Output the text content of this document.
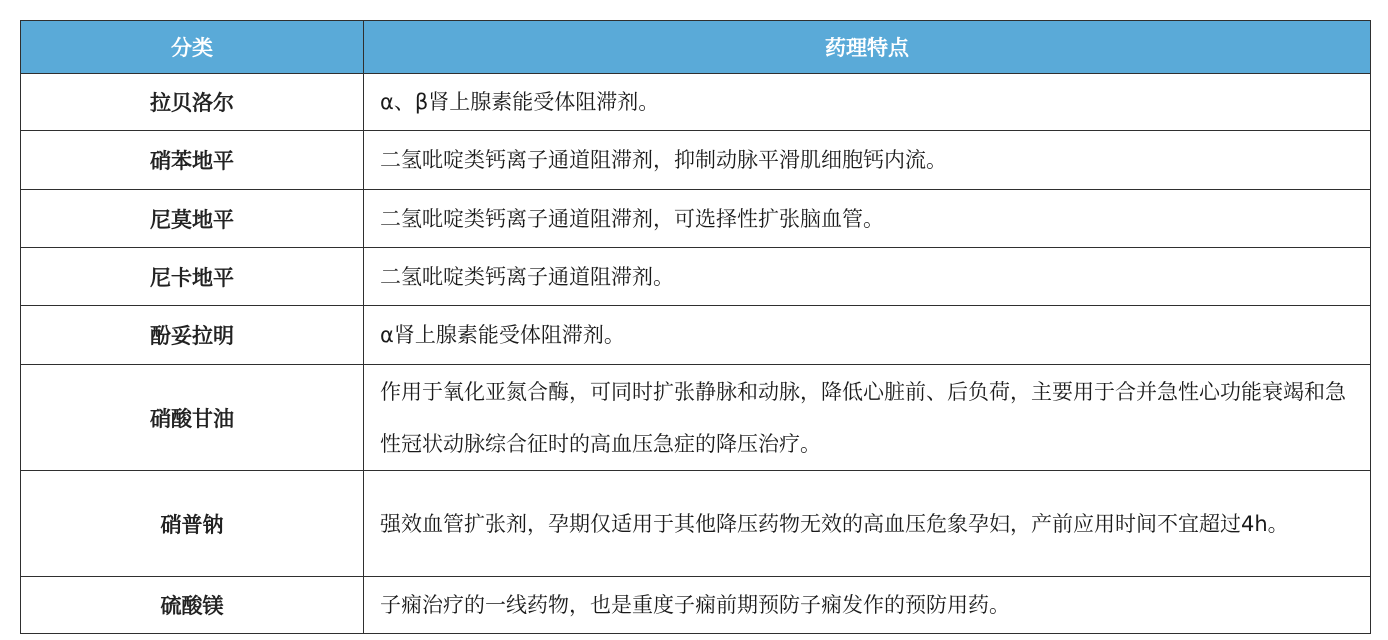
分类	药理特点
拉贝洛尔	α、β肾上腺素能受体阻滞剂。
硝苯地平	二氢吡啶类钙离子通道阻滞剂，抑制动脉平滑肌细胞钙内流。
尼莫地平	二氢吡啶类钙离子通道阻滞剂，可选择性扩张脑血管。
尼卡地平	二氢吡啶类钙离子通道阻滞剂。
酚妥拉明	α肾上腺素能受体阻滞剂。
硝酸甘油	作用于氧化亚氮合酶，可同时扩张静脉和动脉，降低心脏前、后负荷，主要用于合并急性心功能衰竭和急性冠状动脉综合征时的高血压急症的降压治疗。
硝普钠	强效血管扩张剂，孕期仅适用于其他降压药物无效的高血压危象孕妇，产前应用时间不宜超过4h。
硫酸镁	子痫治疗的一线药物，也是重度子痫前期预防子痫发作的预防用药。
